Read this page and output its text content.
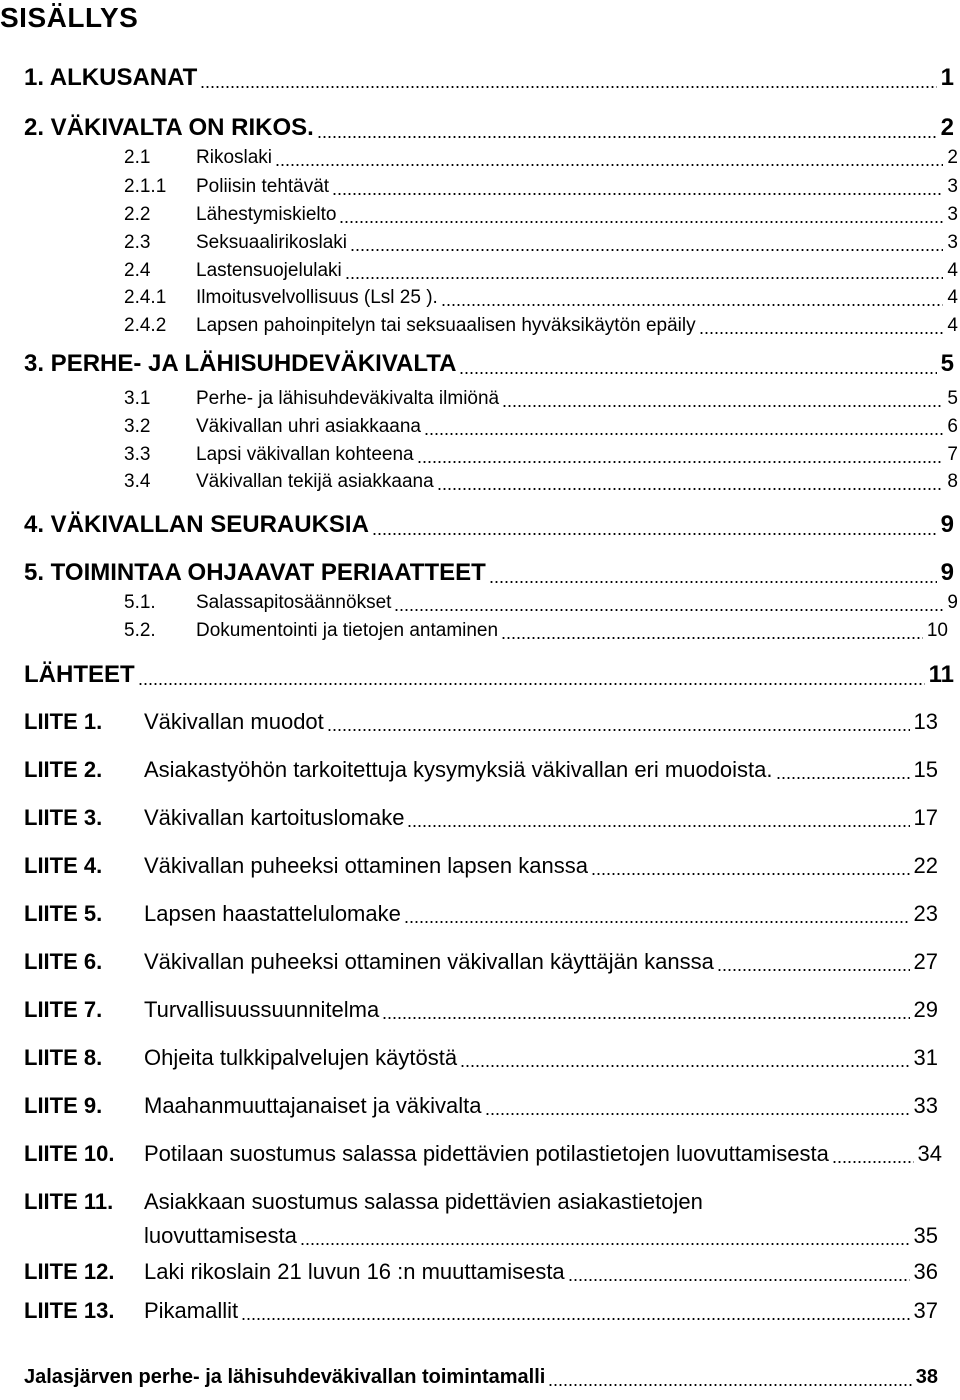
SISÄLLYS
1. ALKUSANAT	1
2. VÄKIVALTA ON RIKOS.	2
2.1 Rikoslaki	2
2.1.1 Poliisin tehtävät	3
2.2 Lähestymiskielto	3
2.3 Seksuaalirikoslaki	3
2.4 Lastensuojelulaki	4
2.4.1 Ilmoitusvelvollisuus (Lsl 25 ).	4
2.4.2 Lapsen pahoinpitelyn tai seksuaalisen hyväksikäytön epäily	4
3. PERHE- JA LÄHISUHDEVÄKIVALTA	5
3.1 Perhe- ja lähisuhdeväkivalta ilmiönä	5
3.2 Väkivallan uhri asiakkaana	6
3.3 Lapsi väkivallan kohteena	7
3.4 Väkivallan tekijä asiakkaana	8
4. VÄKIVALLAN SEURAUKSIA	9
5. TOIMINTAA OHJAAVAT PERIAATTEET	9
5.1. Salassapitosäännökset	9
5.2. Dokumentointi ja tietojen antaminen	10
LÄHTEET	11
LIITE 1. Väkivallan muodot	13
LIITE 2. Asiakastyöhön tarkoitettuja kysymyksiä väkivallan eri muodoista.	15
LIITE 3. Väkivallan kartoituslomake	17
LIITE 4. Väkivallan puheeksi ottaminen lapsen kanssa	22
LIITE 5. Lapsen haastattelulomake	23
LIITE 6. Väkivallan puheeksi ottaminen väkivallan käyttäjän kanssa	27
LIITE 7. Turvallisuussuunnitelma	29
LIITE 8. Ohjeita tulkkipalvelujen käytöstä	31
LIITE 9. Maahanmuuttajanaiset ja väkivalta	33
LIITE 10. Potilaan suostumus salassa pidettävien potilastietojen luovuttamisesta	34
LIITE 11. Asiakkaan suostumus salassa pidettävien asiakastietojen
luovuttamisesta	35
LIITE 12. Laki rikoslain 21 luvun 16 :n muuttamisesta	36
LIITE 13. Pikamallit	37
Jalasjärven perhe- ja lähisuhdeväkivallan toimintamalli	38
